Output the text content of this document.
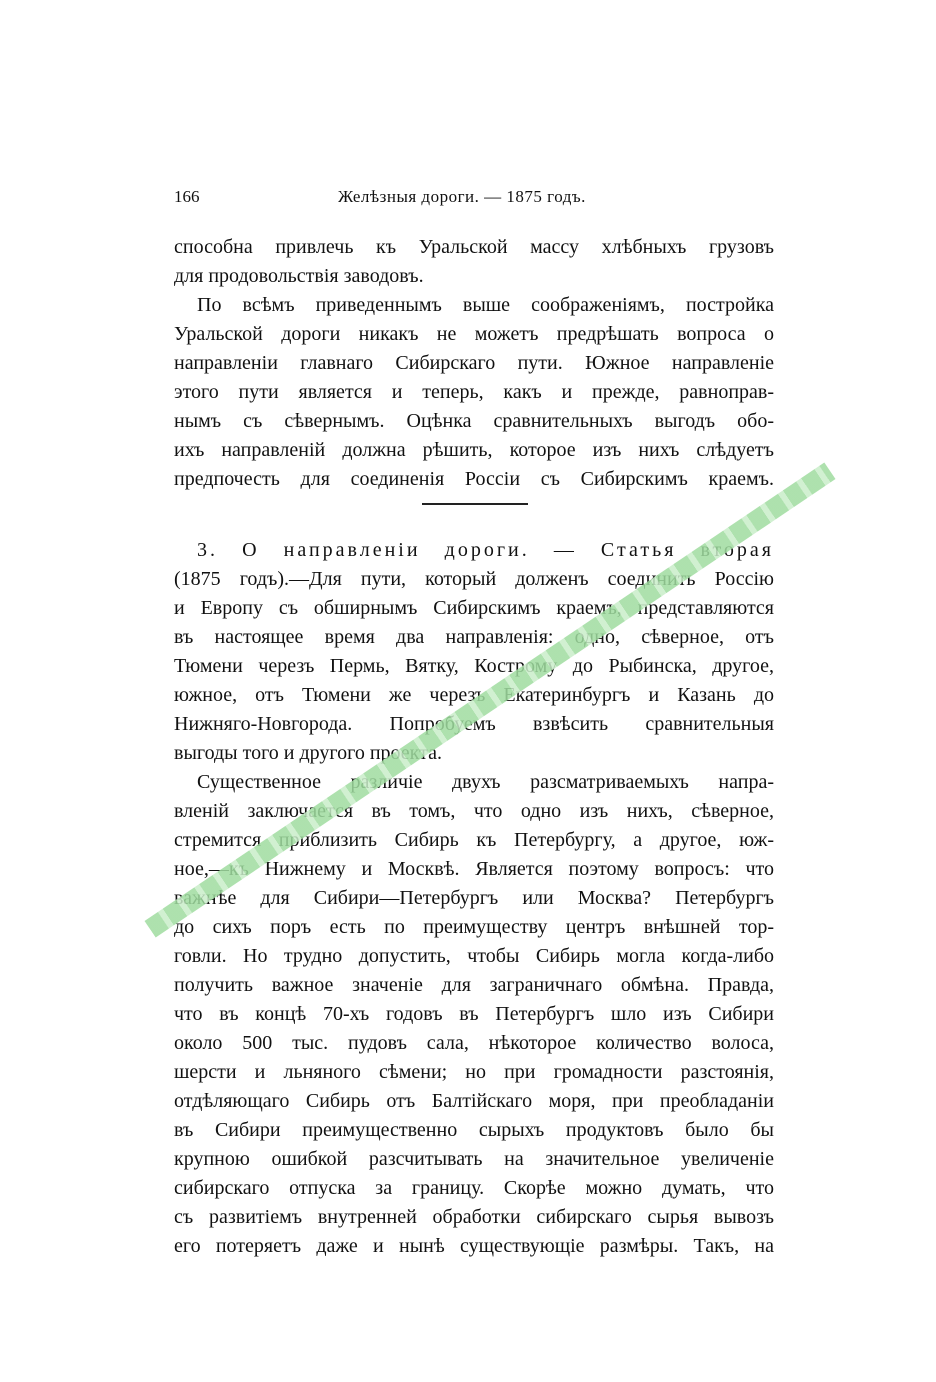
166	Желѣзныя дороги. — 1875 годъ.
способна привлечь къ Уральской массу хлѣбныхъ грузовъ
для продовольствія заводовъ.
По всѣмъ приведеннымъ выше соображеніямъ, постройка
Уральской дороги никакъ не можетъ предрѣшать вопроса о
направленіи главнаго Сибирскаго пути. Южное направленіе
этого пути является и теперь, какъ и прежде, равноправ-
нымъ съ сѣвернымъ. Оцѣнка сравнительныхъ выгодъ обо-
ихъ направленій должна рѣшить, которое изъ нихъ слѣдуетъ
предпочесть для соединенія Россіи съ Сибирскимъ краемъ.
3. О направленіи дороги. — Статья вторая
(1875 годъ).—Для пути, который долженъ соединить Россію
и Европу съ обширнымъ Сибирскимъ краемъ, представляются
въ настоящее время два направленія: одно, сѣверное, отъ
Тюмени черезъ Пермь, Вятку, Кострому до Рыбинска, другое,
южное, отъ Тюмени же черезъ Екатеринбургъ и Казань до
Нижняго-Новгорода. Попробуемъ взвѣсить сравнительныя
выгоды того и другого проекта.
Существенное различіе двухъ разсматриваемыхъ напра-
вленій заключается въ томъ, что одно изъ нихъ, сѣверное,
стремится приблизить Сибирь къ Петербургу, а другое, юж-
ное,—къ Нижнему и Москвѣ. Является поэтому вопросъ: что
важнѣе для Сибири—Петербургъ или Москва? Петербургъ
до сихъ поръ есть по преимуществу центръ внѣшней тор-
говли. Но трудно допустить, чтобы Сибирь могла когда-либо
получить важное значеніе для заграничнаго обмѣна. Правда,
что въ концѣ 70-хъ годовъ въ Петербургъ шло изъ Сибири
около 500 тыс. пудовъ сала, нѣкоторое количество волоса,
шерсти и льняного сѣмени; но при громадности разстоянія,
отдѣляющаго Сибирь отъ Балтійскаго моря, при преобладаніи
въ Сибири преимущественно сырыхъ продуктовъ было бы
крупною ошибкой разсчитывать на значительное увеличеніе
сибирскаго отпуска за границу. Скорѣе можно думать, что
съ развитіемъ внутренней обработки сибирскаго сырья вывозъ
его потеряетъ даже и нынѣ существующіе размѣры. Такъ, на
